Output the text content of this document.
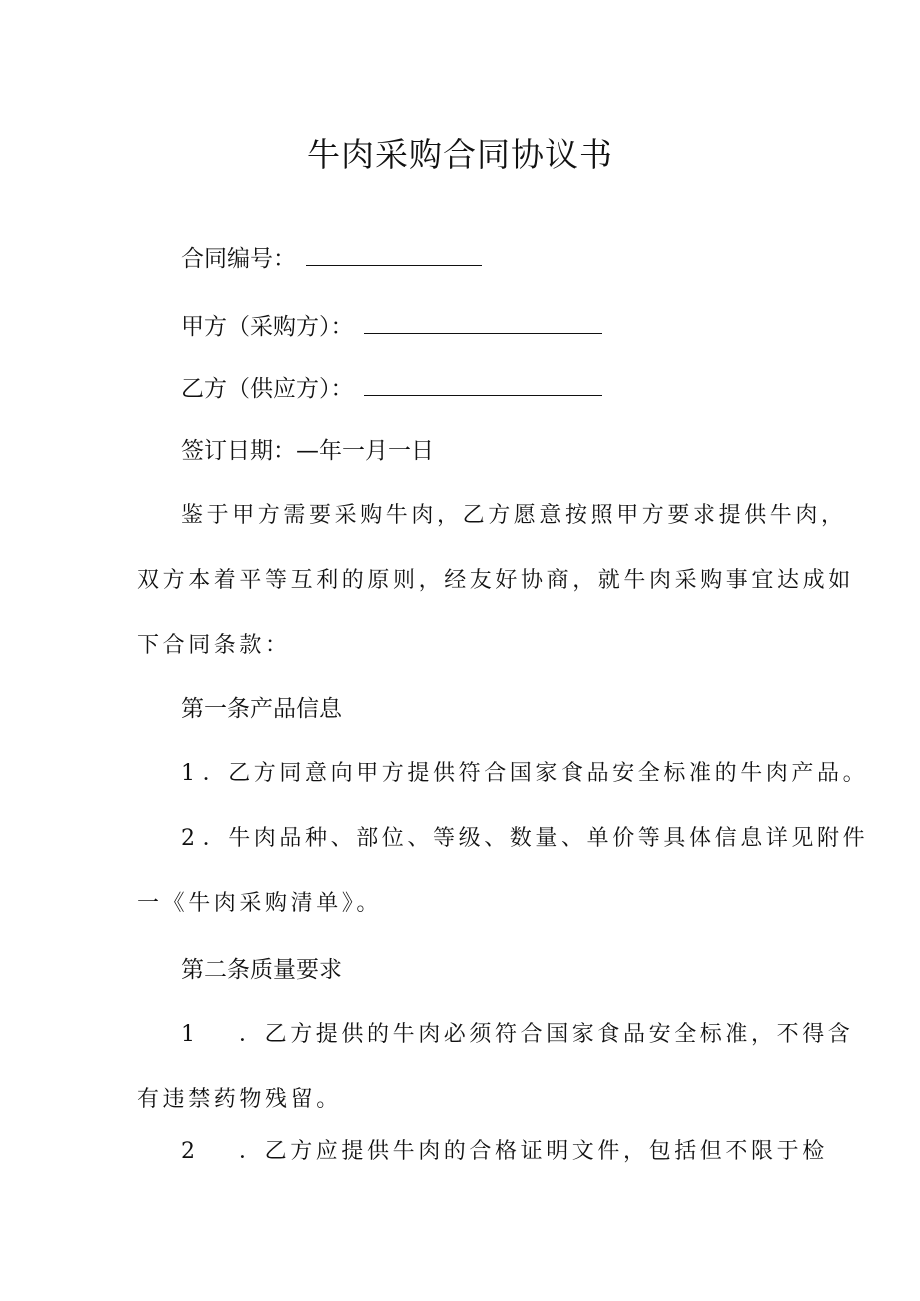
牛肉采购合同协议书
合同编号：
甲方（采购方）：
乙方（供应方）：
签订日期：—年一月一日
鉴于甲方需要采购牛肉，乙方愿意按照甲方要求提供牛肉，
双方本着平等互利的原则，经友好协商，就牛肉采购事宜达成如
下合同条款：
第一条产品信息
1 ．乙方同意向甲方提供符合国家食品安全标准的牛肉产品。
2 ．牛肉品种、部位、等级、数量、单价等具体信息详见附件
一《牛肉采购清单》。
第二条质量要求
1 ．乙方提供的牛肉必须符合国家食品安全标准，不得含
有违禁药物残留。
2 ．乙方应提供牛肉的合格证明文件，包括但不限于检
